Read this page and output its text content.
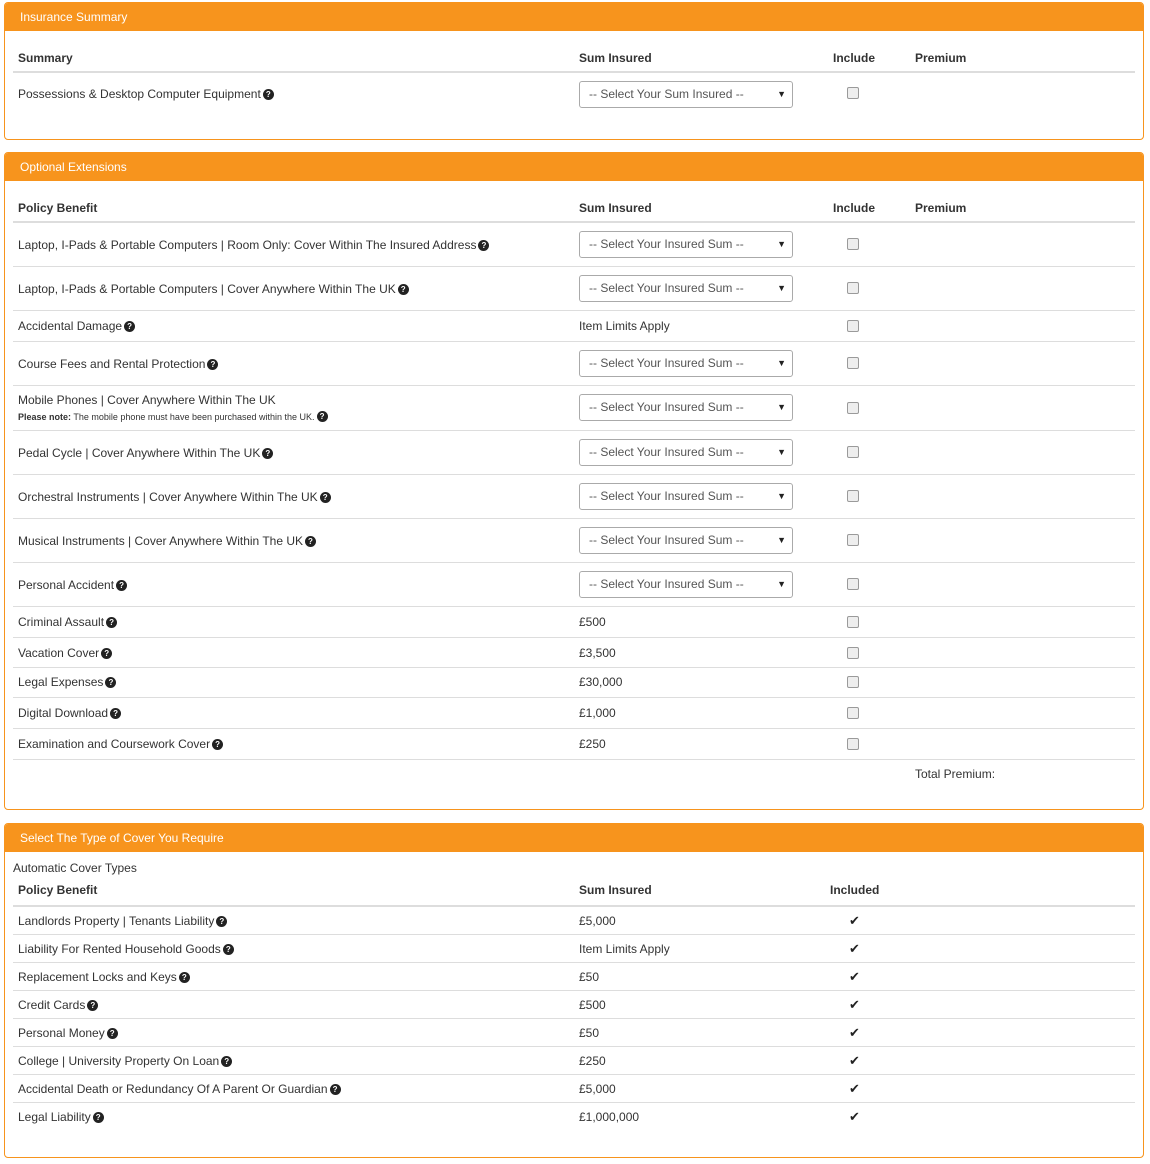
Insurance Summary
Summary	Sum Insured	Include	Premium
Possessions & Desktop Computer Equipment ?	-- Select Your Sum Insured --	▼
Optional Extensions
Policy Benefit	Sum Insured	Include	Premium
Laptop, I-Pads & Portable Computers | Room Only: Cover Within The Insured Address ?	-- Select Your Insured Sum --	▼
Laptop, I-Pads & Portable Computers | Cover Anywhere Within The UK ?	-- Select Your Insured Sum --	▼
Accidental Damage ?	Item Limits Apply
Course Fees and Rental Protection ?	-- Select Your Insured Sum --	▼
Mobile Phones | Cover Anywhere Within The UK
Please note: The mobile phone must have been purchased within the UK. ?
-- Select Your Insured Sum --	▼
Pedal Cycle | Cover Anywhere Within The UK ?	-- Select Your Insured Sum --	▼
Orchestral Instruments | Cover Anywhere Within The UK ?	-- Select Your Insured Sum --	▼
Musical Instruments | Cover Anywhere Within The UK ?	-- Select Your Insured Sum --	▼
Personal Accident ?	-- Select Your Insured Sum --	▼
Criminal Assault ?	£500
Vacation Cover ?	£3,500
Legal Expenses ?	£30,000
Digital Download ?	£1,000
Examination and Coursework Cover ?	£250
Total Premium:
Select The Type of Cover You Require
Automatic Cover Types
Policy Benefit	Sum Insured	Included
Landlords Property | Tenants Liability ?	£5,000	✔
Liability For Rented Household Goods ?	Item Limits Apply	✔
Replacement Locks and Keys ?	£50	✔
Credit Cards ?	£500	✔
Personal Money ?	£50	✔
College | University Property On Loan ?	£250	✔
Accidental Death or Redundancy Of A Parent Or Guardian ?	£5,000	✔
Legal Liability ?	£1,000,000	✔
